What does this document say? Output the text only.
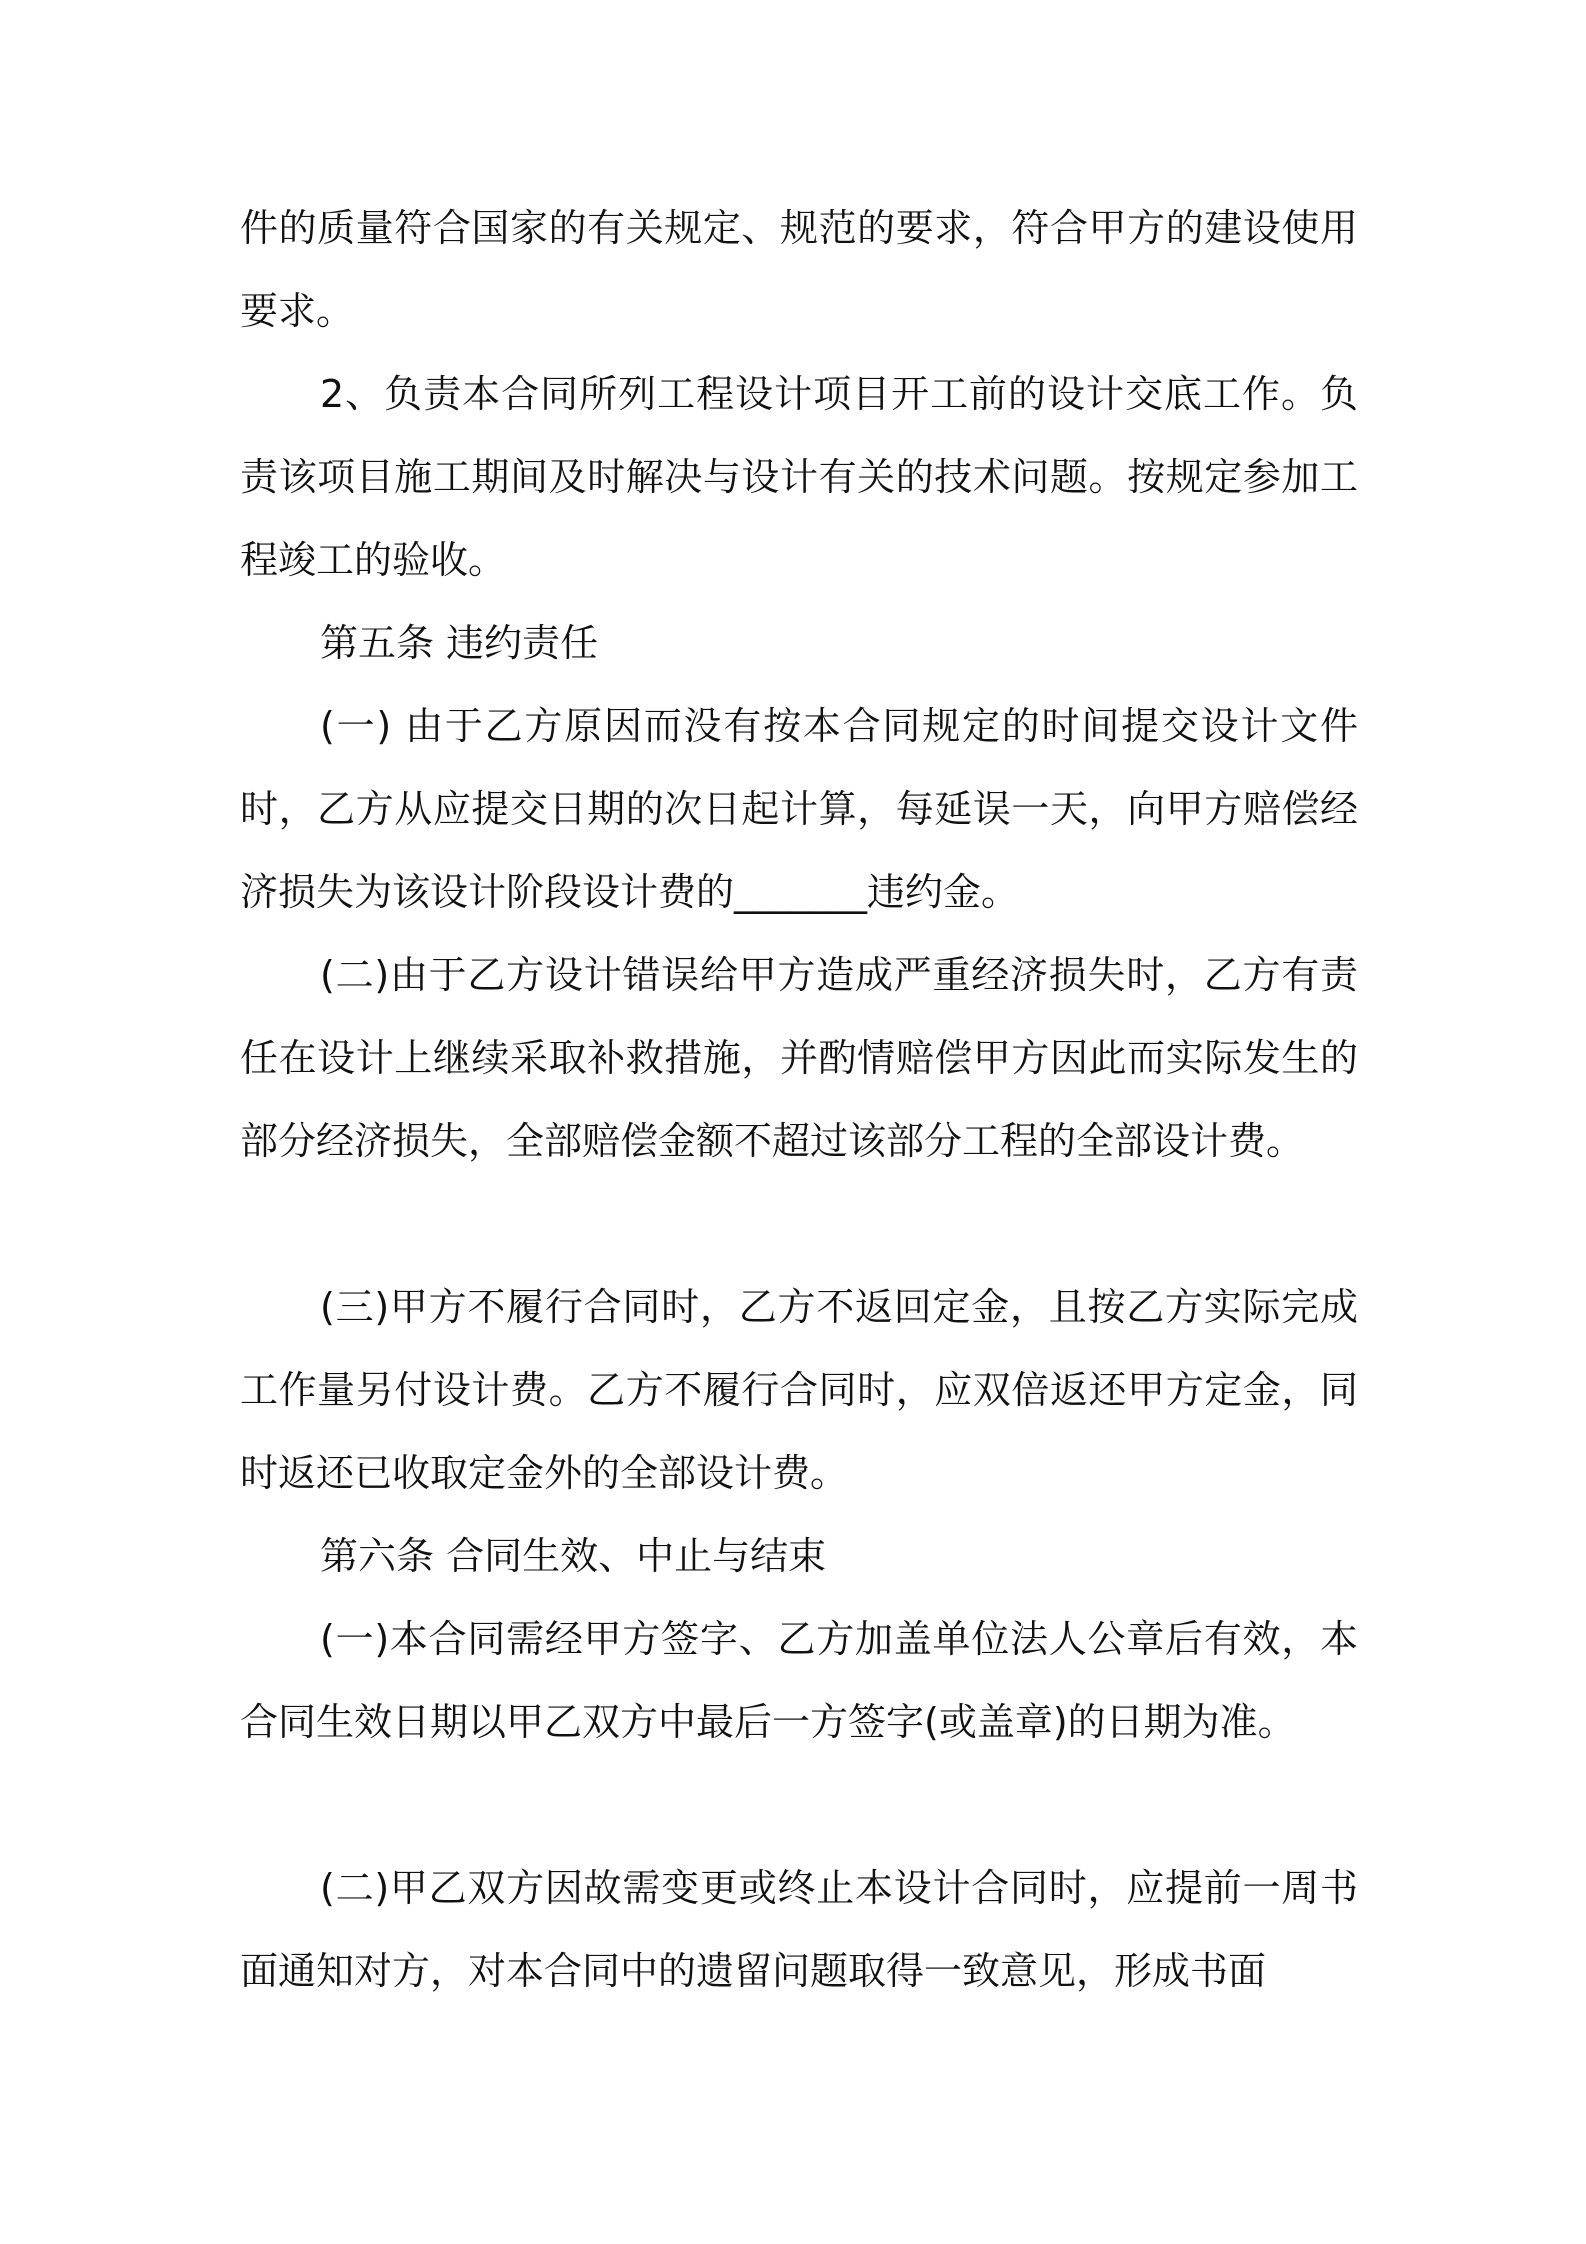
件的质量符合国家的有关规定、规范的要求，符合甲方的建设使用要求。

2、负责本合同所列工程设计项目开工前的设计交底工作。负责该项目施工期间及时解决与设计有关的技术问题。按规定参加工程竣工的验收。

第五条 违约责任

(一) 由于乙方原因而没有按本合同规定的时间提交设计文件时，乙方从应提交日期的次日起计算，每延误一天，向甲方赔偿经济损失为该设计阶段设计费的_______违约金。

(二)由于乙方设计错误给甲方造成严重经济损失时，乙方有责任在设计上继续采取补救措施，并酌情赔偿甲方因此而实际发生的部分经济损失，全部赔偿金额不超过该部分工程的全部设计费。

(三)甲方不履行合同时，乙方不返回定金，且按乙方实际完成工作量另付设计费。乙方不履行合同时，应双倍返还甲方定金，同时返还已收取定金外的全部设计费。

第六条 合同生效、中止与结束

(一)本合同需经甲方签字、乙方加盖单位法人公章后有效，本合同生效日期以甲乙双方中最后一方签字(或盖章)的日期为准。

(二)甲乙双方因故需变更或终止本设计合同时，应提前一周书面通知对方，对本合同中的遗留问题取得一致意见，形成书面
